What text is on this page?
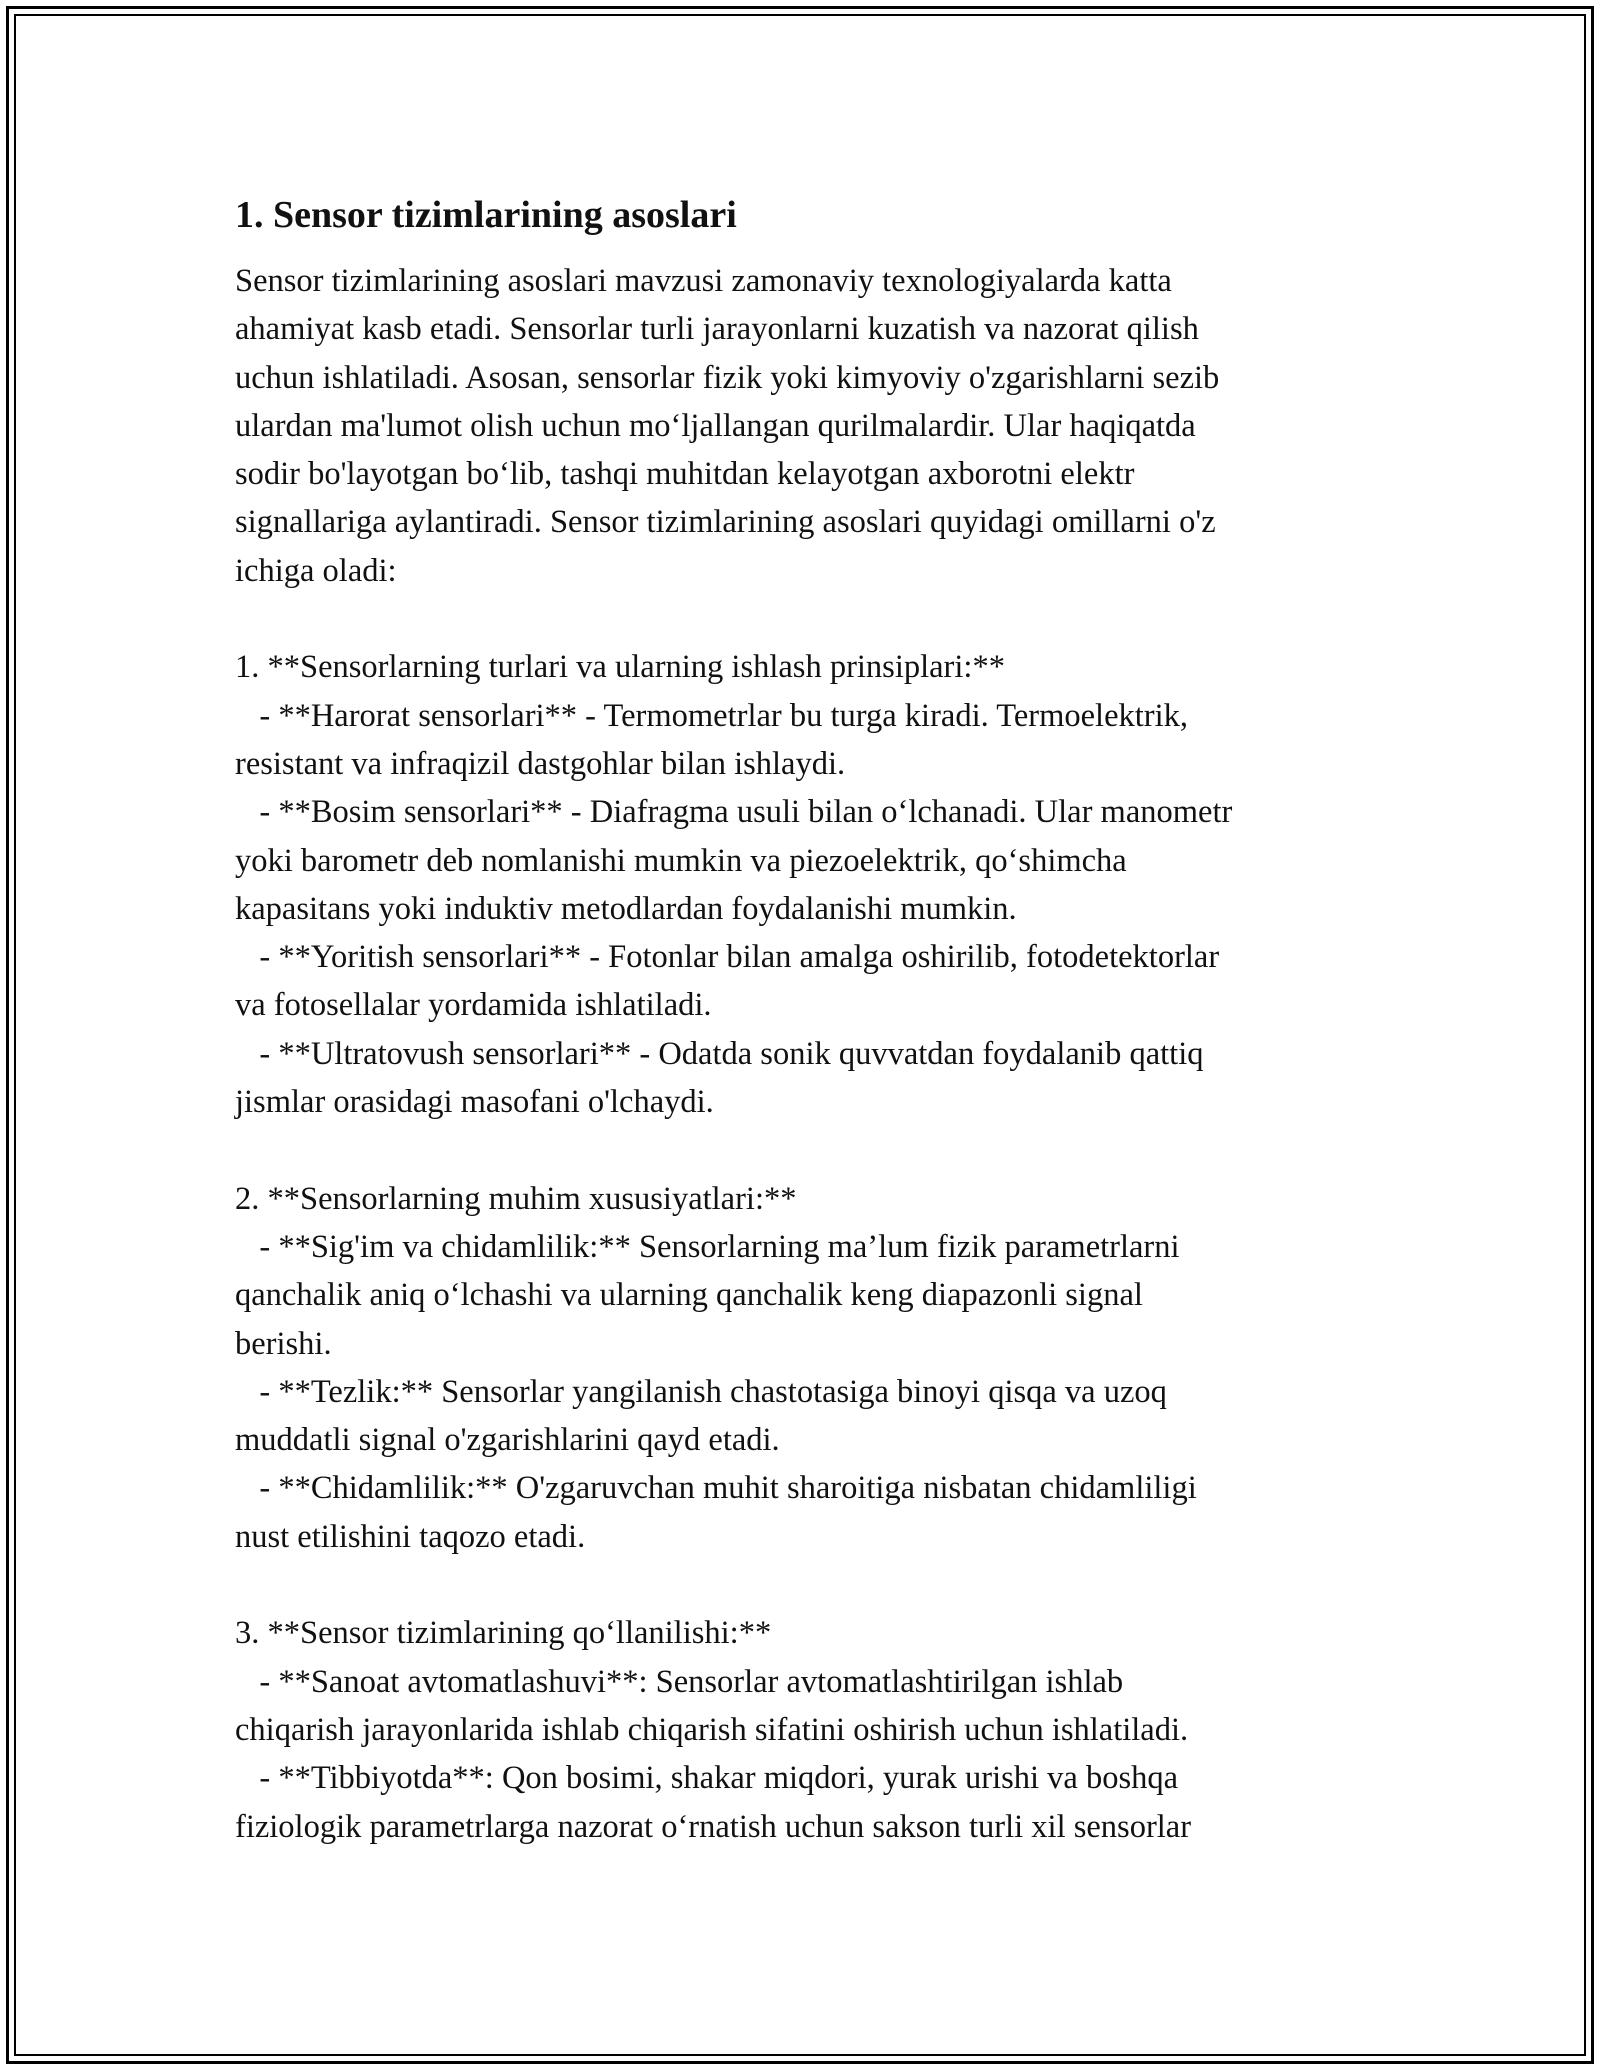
1. Sensor tizimlarining asoslari
Sensor tizimlarining asoslari mavzusi zamonaviy texnologiyalarda katta
ahamiyat kasb etadi. Sensorlar turli jarayonlarni kuzatish va nazorat qilish
uchun ishlatiladi. Asosan, sensorlar fizik yoki kimyoviy o'zgarishlarni sezib
ulardan ma'lumot olish uchun mo‘ljallangan qurilmalardir. Ular haqiqatda
sodir bo'layotgan bo‘lib, tashqi muhitdan kelayotgan axborotni elektr
signallariga aylantiradi. Sensor tizimlarining asoslari quyidagi omillarni o'z
ichiga oladi:
1. **Sensorlarning turlari va ularning ishlash prinsiplari:**
- **Harorat sensorlari** - Termometrlar bu turga kiradi. Termoelektrik,
resistant va infraqizil dastgohlar bilan ishlaydi.
- **Bosim sensorlari** - Diafragma usuli bilan o‘lchanadi. Ular manometr
yoki barometr deb nomlanishi mumkin va piezoelektrik, qo‘shimcha
kapasitans yoki induktiv metodlardan foydalanishi mumkin.
- **Yoritish sensorlari** - Fotonlar bilan amalga oshirilib, fotodetektorlar
va fotosellalar yordamida ishlatiladi.
- **Ultratovush sensorlari** - Odatda sonik quvvatdan foydalanib qattiq
jismlar orasidagi masofani o'lchaydi.
2. **Sensorlarning muhim xususiyatlari:**
- **Sig'im va chidamlilik:** Sensorlarning ma’lum fizik parametrlarni
qanchalik aniq o‘lchashi va ularning qanchalik keng diapazonli signal
berishi.
- **Tezlik:** Sensorlar yangilanish chastotasiga binoyi qisqa va uzoq
muddatli signal o'zgarishlarini qayd etadi.
- **Chidamlilik:** O'zgaruvchan muhit sharoitiga nisbatan chidamliligi
nust etilishini taqozo etadi.
3. **Sensor tizimlarining qo‘llanilishi:**
- **Sanoat avtomatlashuvi**: Sensorlar avtomatlashtirilgan ishlab
chiqarish jarayonlarida ishlab chiqarish sifatini oshirish uchun ishlatiladi.
- **Tibbiyotda**: Qon bosimi, shakar miqdori, yurak urishi va boshqa
fiziologik parametrlarga nazorat o‘rnatish uchun sakson turli xil sensorlar
